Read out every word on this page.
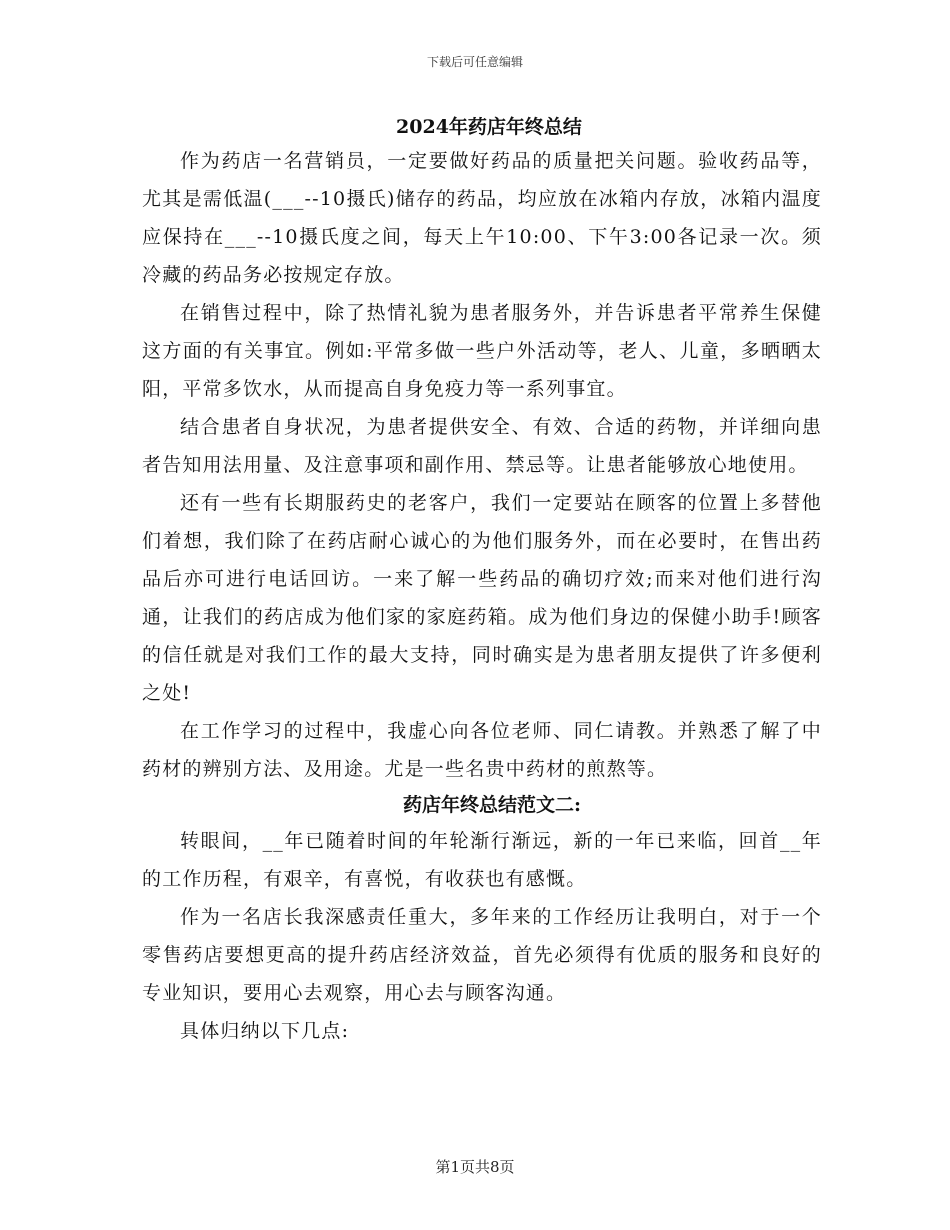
下载后可任意编辑
2024年药店年终总结

作为药店一名营销员，一定要做好药品的质量把关问题。验收药品等，尤其是需低温(___--10摄氏)储存的药品，均应放在冰箱内存放，冰箱内温度应保持在___--10摄氏度之间，每天上午10:00、下午3:00各记录一次。须冷藏的药品务必按规定存放。

在销售过程中，除了热情礼貌为患者服务外，并告诉患者平常养生保健这方面的有关事宜。例如:平常多做一些户外活动等，老人、儿童，多晒晒太阳，平常多饮水，从而提高自身免疫力等一系列事宜。

结合患者自身状况，为患者提供安全、有效、合适的药物，并详细向患者告知用法用量、及注意事项和副作用、禁忌等。让患者能够放心地使用。

还有一些有长期服药史的老客户，我们一定要站在顾客的位置上多替他们着想，我们除了在药店耐心诚心的为他们服务外，而在必要时，在售出药品后亦可进行电话回访。一来了解一些药品的确切疗效;而来对他们进行沟通，让我们的药店成为他们家的家庭药箱。成为他们身边的保健小助手!顾客的信任就是对我们工作的最大支持，同时确实是为患者朋友提供了许多便利之处!

在工作学习的过程中，我虚心向各位老师、同仁请教。并熟悉了解了中药材的辨别方法、及用途。尤是一些名贵中药材的煎熬等。

药店年终总结范文二:

转眼间，__年已随着时间的年轮渐行渐远，新的一年已来临，回首__年的工作历程，有艰辛，有喜悦，有收获也有感慨。

作为一名店长我深感责任重大，多年来的工作经历让我明白，对于一个零售药店要想更高的提升药店经济效益，首先必须得有优质的服务和良好的专业知识，要用心去观察，用心去与顾客沟通。

具体归纳以下几点:

第1页共8页
